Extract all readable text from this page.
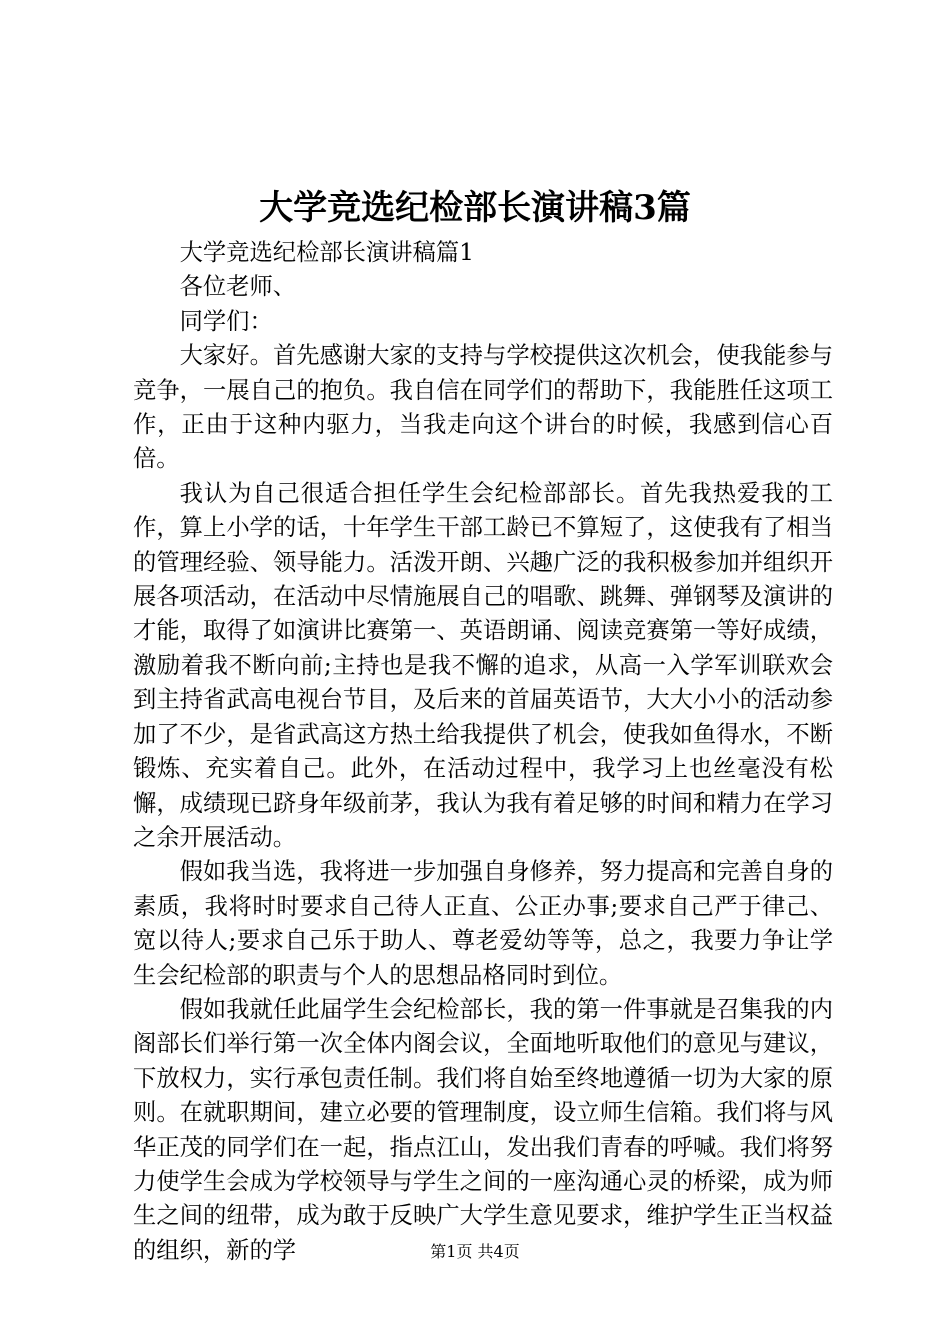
大学竞选纪检部长演讲稿3篇

大学竞选纪检部长演讲稿篇1

各位老师、

同学们：

大家好。首先感谢大家的支持与学校提供这次机会，使我能参与竞争，一展自己的抱负。我自信在同学们的帮助下，我能胜任这项工作，正由于这种内驱力，当我走向这个讲台的时候，我感到信心百倍。

我认为自己很适合担任学生会纪检部部长。首先我热爱我的工作，算上小学的话，十年学生干部工龄已不算短了，这使我有了相当的管理经验、领导能力。活泼开朗、兴趣广泛的我积极参加并组织开展各项活动，在活动中尽情施展自己的唱歌、跳舞、弹钢琴及演讲的才能，取得了如演讲比赛第一、英语朗诵、阅读竞赛第一等好成绩，激励着我不断向前;主持也是我不懈的追求，从高一入学军训联欢会到主持省武高电视台节目，及后来的首届英语节，大大小小的活动参加了不少，是省武高这方热土给我提供了机会，使我如鱼得水，不断锻炼、充实着自己。此外，在活动过程中，我学习上也丝毫没有松懈，成绩现已跻身年级前茅，我认为我有着足够的时间和精力在学习之余开展活动。

假如我当选，我将进一步加强自身修养，努力提高和完善自身的素质，我将时时要求自己待人正直、公正办事;要求自己严于律己、宽以待人;要求自己乐于助人、尊老爱幼等等，总之，我要力争让学生会纪检部的职责与个人的思想品格同时到位。

假如我就任此届学生会纪检部长，我的第一件事就是召集我的内阁部长们举行第一次全体内阁会议，全面地听取他们的意见与建议，下放权力，实行承包责任制。我们将自始至终地遵循一切为大家的原则。在就职期间，建立必要的管理制度，设立师生信箱。我们将与风华正茂的同学们在一起，指点江山，发出我们青春的呼喊。我们将努力使学生会成为学校领导与学生之间的一座沟通心灵的桥梁，成为师生之间的纽带，成为敢于反映广大学生意见要求，维护学生正当权益的组织，新的学	第1页 共4页
